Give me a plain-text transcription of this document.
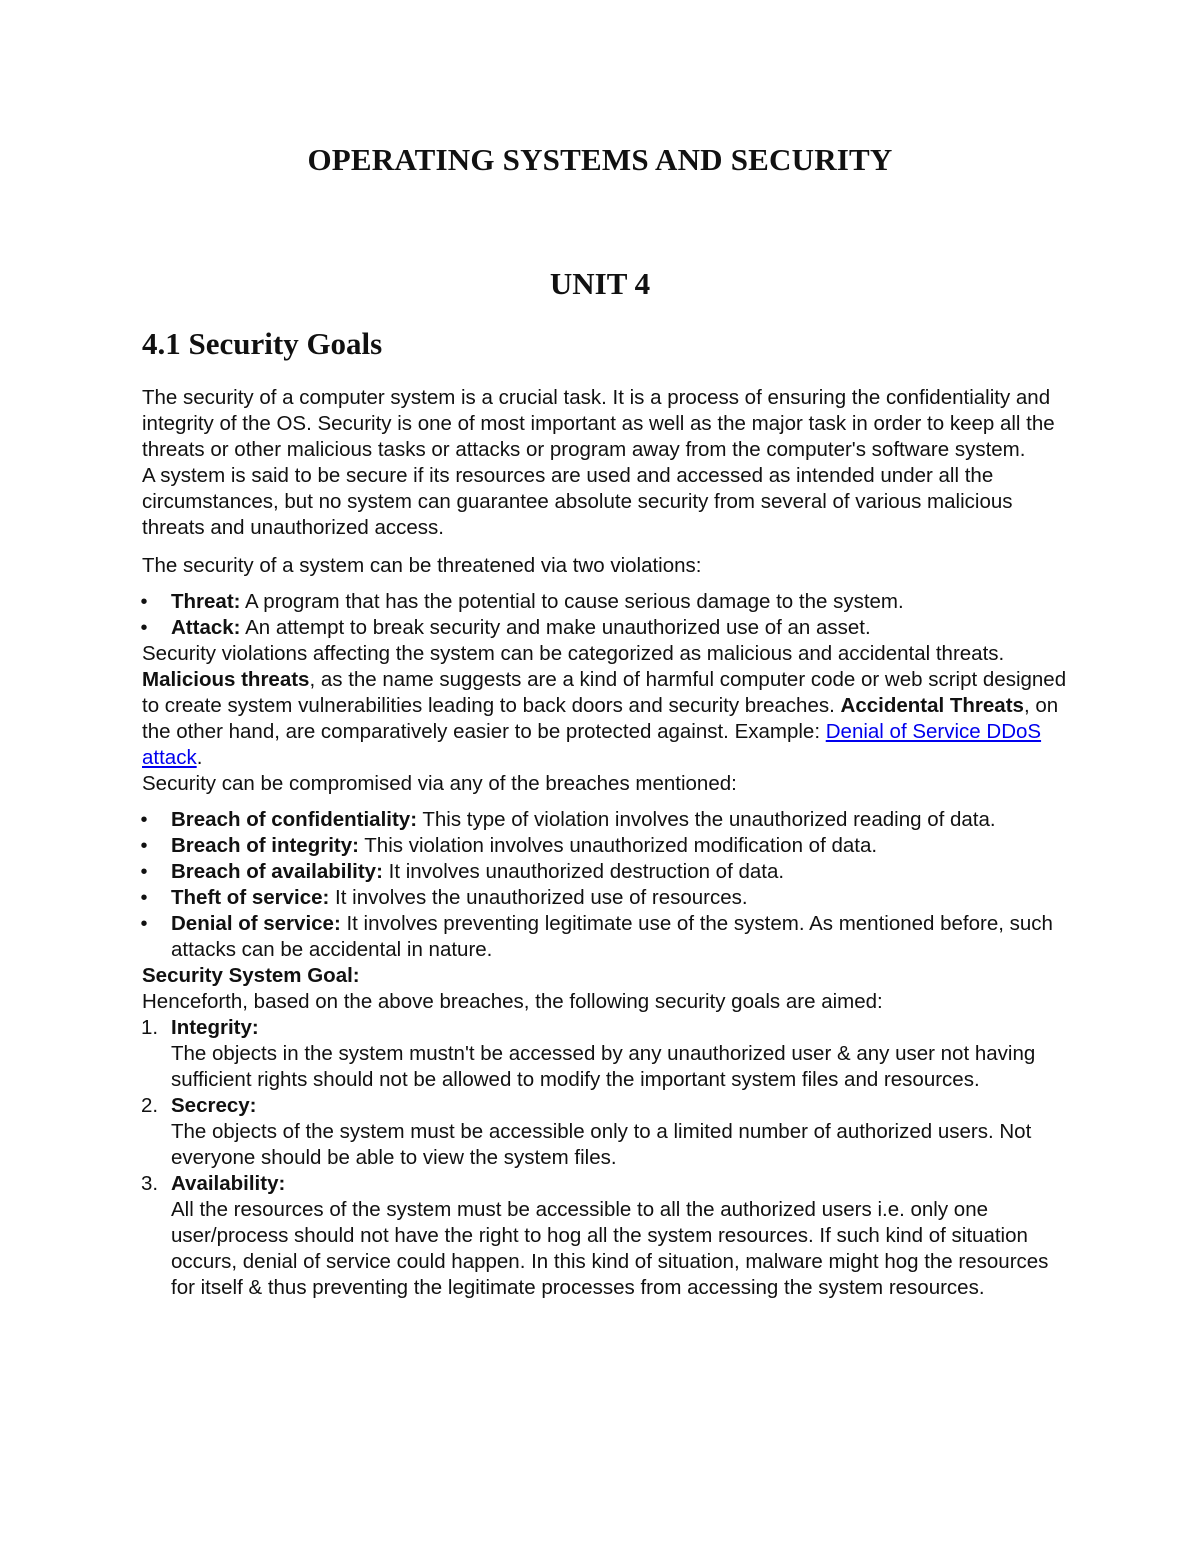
OPERATING SYSTEMS AND SECURITY
UNIT 4
4.1 Security Goals

The security of a computer system is a crucial task. It is a process of ensuring the confidentiality and integrity of the OS. Security is one of most important as well as the major task in order to keep all the threats or other malicious tasks or attacks or program away from the computer's software system.

A system is said to be secure if its resources are used and accessed as intended under all the circumstances, but no system can guarantee absolute security from several of various malicious threats and unauthorized access.

The security of a system can be threatened via two violations:

• Threat: A program that has the potential to cause serious damage to the system.
• Attack: An attempt to break security and make unauthorized use of an asset.

Security violations affecting the system can be categorized as malicious and accidental threats. Malicious threats, as the name suggests are a kind of harmful computer code or web script designed to create system vulnerabilities leading to back doors and security breaches. Accidental Threats, on the other hand, are comparatively easier to be protected against. Example: Denial of Service DDoS attack.

Security can be compromised via any of the breaches mentioned:

• Breach of confidentiality: This type of violation involves the unauthorized reading of data.
• Breach of integrity: This violation involves unauthorized modification of data.
• Breach of availability: It involves unauthorized destruction of data.
• Theft of service: It involves the unauthorized use of resources.
• Denial of service: It involves preventing legitimate use of the system. As mentioned before, such attacks can be accidental in nature.

Security System Goal:

Henceforth, based on the above breaches, the following security goals are aimed:

1. Integrity:
The objects in the system mustn't be accessed by any unauthorized user & any user not having sufficient rights should not be allowed to modify the important system files and resources.
2. Secrecy:
The objects of the system must be accessible only to a limited number of authorized users. Not everyone should be able to view the system files.
3. Availability:
All the resources of the system must be accessible to all the authorized users i.e. only one user/process should not have the right to hog all the system resources. If such kind of situation occurs, denial of service could happen. In this kind of situation, malware might hog the resources for itself & thus preventing the legitimate processes from accessing the system resources.
